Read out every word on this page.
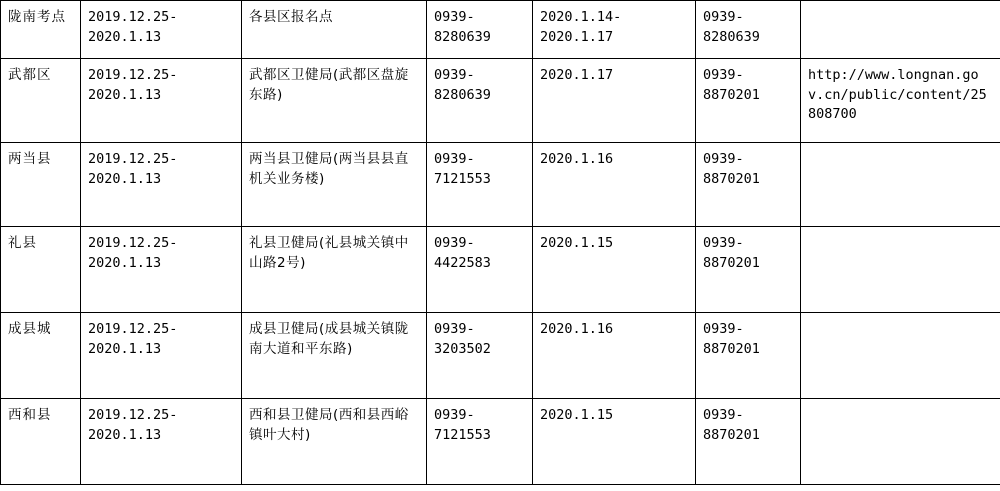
陇南考点	2019.12.25-2020.1.13	各县区报名点	0939-8280639	2020.1.14-2020.1.17	0939-8280639	
武都区	2019.12.25-2020.1.13	武都区卫健局(武都区盘旋东路)	0939-8280639	2020.1.17	0939-8870201	http://www.longnan.gov.cn/public/content/25808700
两当县	2019.12.25-2020.1.13	两当县卫健局(两当县县直机关业务楼)	0939-7121553	2020.1.16	0939-8870201	
礼县	2019.12.25-2020.1.13	礼县卫健局(礼县城关镇中山路2号)	0939-4422583	2020.1.15	0939-8870201	
成县城	2019.12.25-2020.1.13	成县卫健局(成县城关镇陇南大道和平东路)	0939-3203502	2020.1.16	0939-8870201	
西和县	2019.12.25-2020.1.13	西和县卫健局(西和县西峪镇叶大村)	0939-7121553	2020.1.15	0939-8870201	
